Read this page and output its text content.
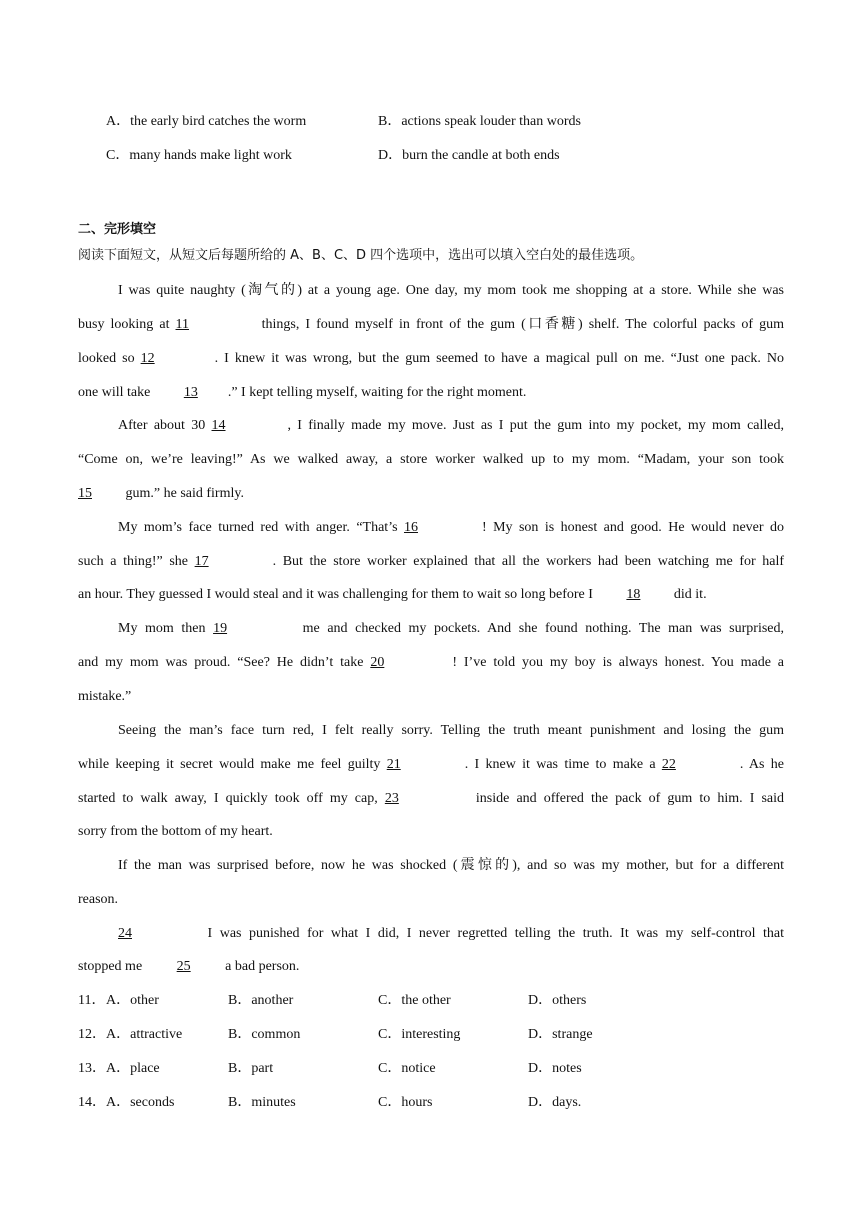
A．the early bird catches the worm	B．actions speak louder than words
C．many hands make light work	D．burn the candle at both ends
二、完形填空
阅读下面短文，从短文后每题所给的 A、B、C、D 四个选项中，选出可以填入空白处的最佳选项。
I was quite naughty (淘气的) at a young age. One day, my mom took me shopping at a store. While she was
busy looking at 11	things, I found myself in front of the gum (口香糖) shelf. The colorful packs of gum
looked so 12	. I knew it was wrong, but the gum seemed to have a magical pull on me. “Just one pack. No
one will take 13 .” I kept telling myself, waiting for the right moment.
After about 30 14	, I finally made my move. Just as I put the gum into my pocket, my mom called,
“Come on, we’re leaving!” As we walked away, a store worker walked up to my mom. “Madam, your son took
15 gum.” he said firmly.
My mom’s face turned red with anger. “That’s 16	! My son is honest and good. He would never do
such a thing!” she 17	. But the store worker explained that all the workers had been watching me for half
an hour. They guessed I would steal and it was challenging for them to wait so long before I 18 did it.
My mom then 19	me and checked my pockets. And she found nothing. The man was surprised,
and my mom was proud. “See? He didn’t take 20	! I’ve told you my boy is always honest. You made a
mistake.”
Seeing the man’s face turn red, I felt really sorry. Telling the truth meant punishment and losing the gum
while keeping it secret would make me feel guilty 21	. I knew it was time to make a 22	. As he
started to walk away, I quickly took off my cap, 23	inside and offered the pack of gum to him. I said
sorry from the bottom of my heart.
If the man was surprised before, now he was shocked (震惊的), and so was my mother, but for a different
reason.
24	I was punished for what I did, I never regretted telling the truth. It was my self-control that
stopped me 25 a bad person.
11． A．other	B．another	C．the other	D．others
12． A．attractive	B．common	C．interesting	D．strange
13． A．place	B．part	C．notice	D．notes
14． A．seconds	B．minutes	C．hours	D．days.
